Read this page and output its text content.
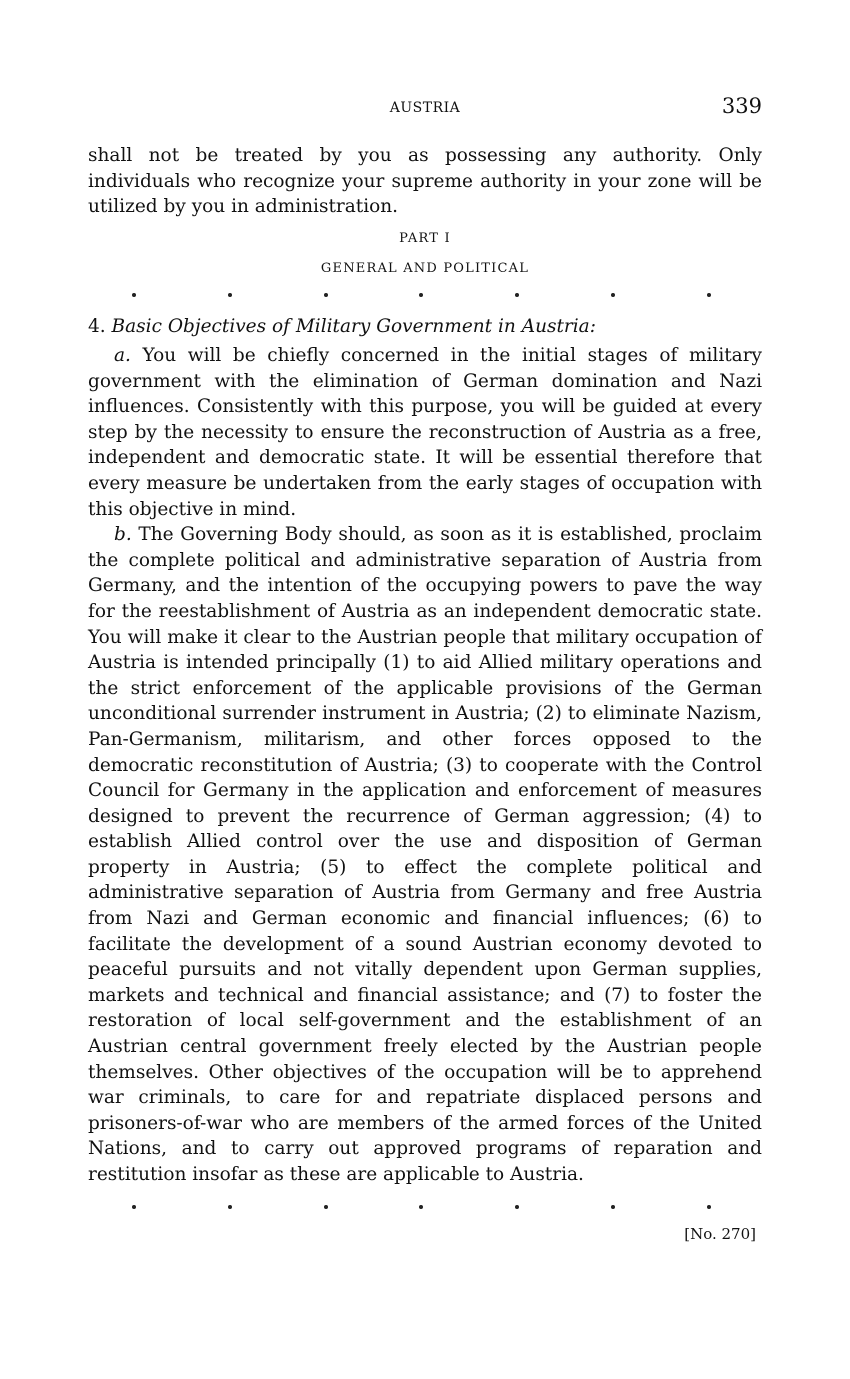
AUSTRIA	339

shall not be treated by you as possessing any authority. Only individuals who recognize your supreme authority in your zone will be utilized by you in administration.

PART I
GENERAL AND POLITICAL
4. Basic Objectives of Military Government in Austria:

a. You will be chiefly concerned in the initial stages of military government with the elimination of German domination and Nazi influences. Consistently with this purpose, you will be guided at every step by the necessity to ensure the reconstruction of Austria as a free, independent and democratic state. It will be essential therefore that every measure be undertaken from the early stages of occupation with this objective in mind.

b. The Governing Body should, as soon as it is established, proclaim the complete political and administrative separation of Austria from Germany, and the intention of the occupying powers to pave the way for the reestablishment of Austria as an independent democratic state. You will make it clear to the Austrian people that military occupation of Austria is intended principally (1) to aid Allied military operations and the strict enforcement of the applicable provisions of the German unconditional surrender instrument in Austria; (2) to eliminate Nazism, Pan-Germanism, militarism, and other forces opposed to the democratic reconstitution of Austria; (3) to cooperate with the Control Council for Germany in the application and enforcement of measures designed to prevent the recurrence of German aggression; (4) to establish Allied control over the use and disposition of German property in Austria; (5) to effect the complete political and administrative separation of Austria from Germany and free Austria from Nazi and German economic and financial influences; (6) to facilitate the development of a sound Austrian economy devoted to peaceful pursuits and not vitally dependent upon German supplies, markets and technical and financial assistance; and (7) to foster the restoration of local self-government and the establishment of an Austrian central government freely elected by the Austrian people themselves. Other objectives of the occupation will be to apprehend war criminals, to care for and repatriate displaced persons and prisoners-of-war who are members of the armed forces of the United Nations, and to carry out approved programs of reparation and restitution insofar as these are applicable to Austria.

[No. 270]
